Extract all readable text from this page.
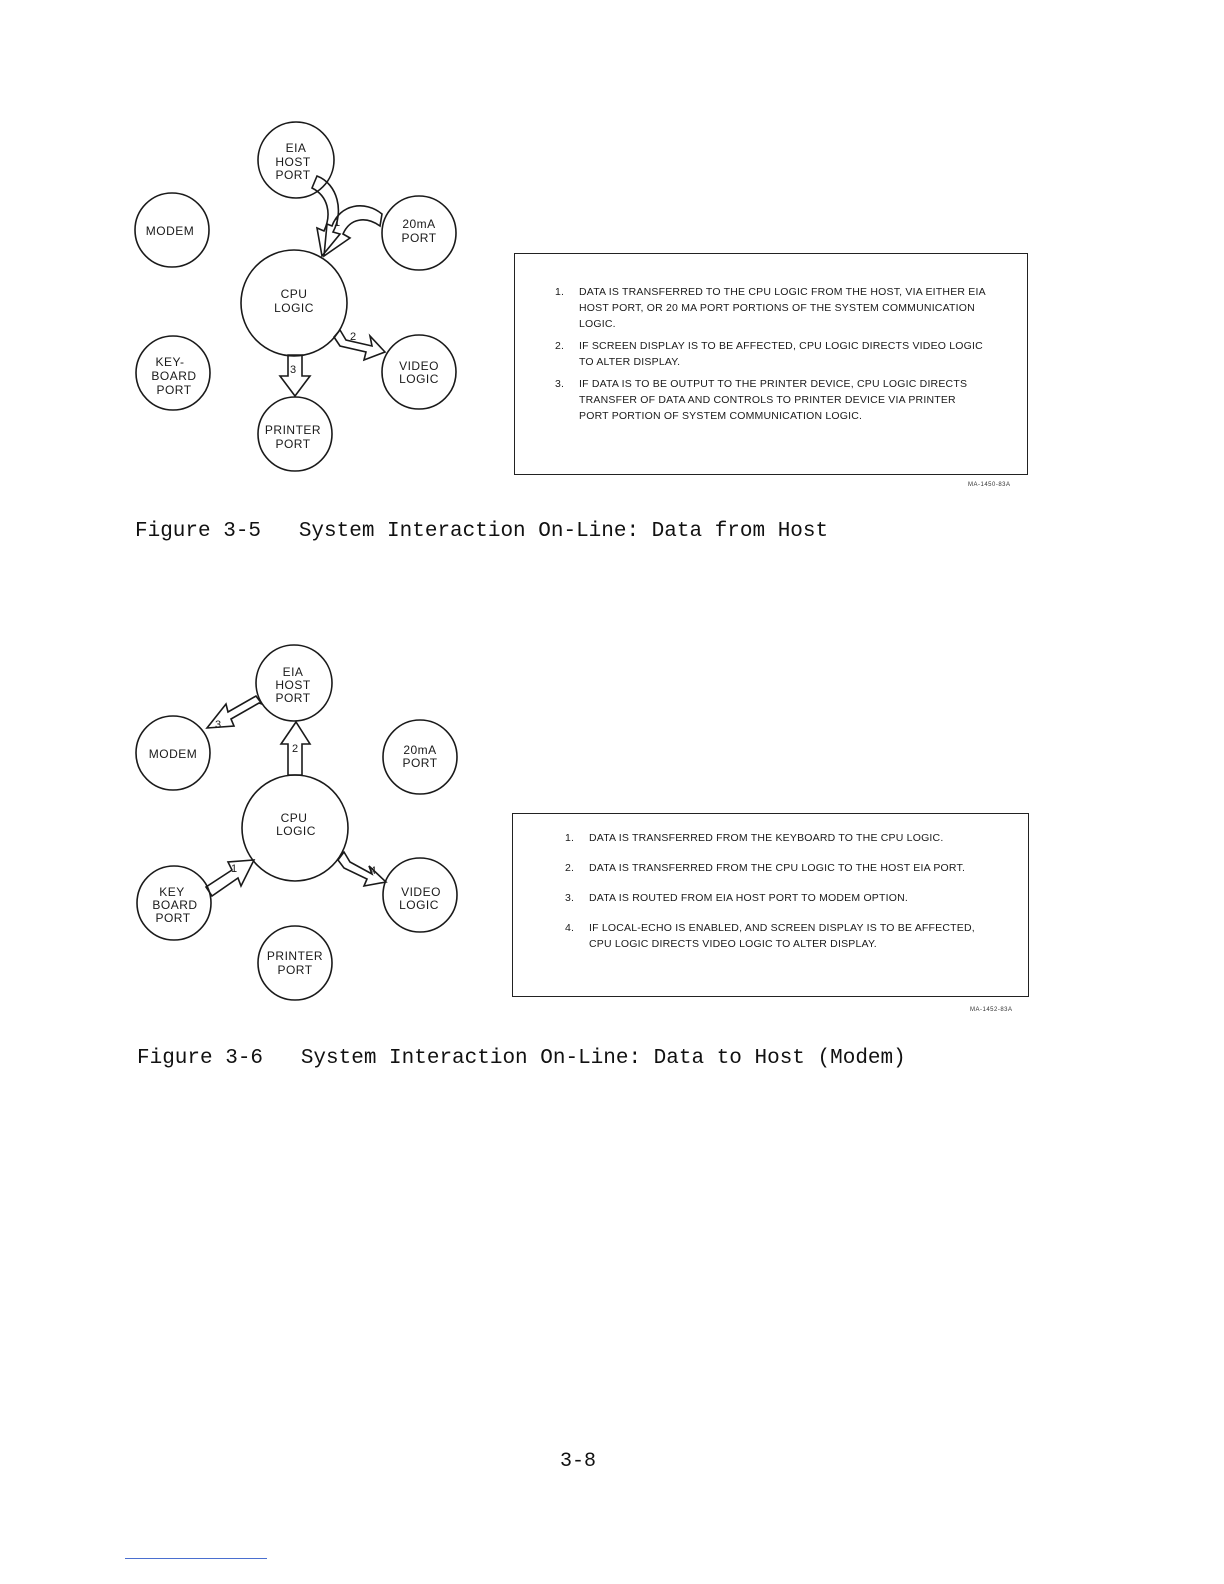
EIA
HOST
PORT
MODEM	20mA
PORT
CPU
LOGIC
KEY-
BOARD
PORT
VIDEO
LOGIC
PRINTER
PORT
1
2
3
1. DATA IS TRANSFERRED TO THE CPU LOGIC FROM THE HOST, VIA EITHER EIA HOST PORT, OR 20 MA PORT PORTIONS OF THE SYSTEM COMMUNICATION LOGIC.
2. IF SCREEN DISPLAY IS TO BE AFFECTED, CPU LOGIC DIRECTS VIDEO LOGIC TO ALTER DISPLAY.
3. IF DATA IS TO BE OUTPUT TO THE PRINTER DEVICE, CPU LOGIC DIRECTS TRANSFER OF DATA AND CONTROLS TO PRINTER DEVICE VIA PRINTER PORT PORTION OF SYSTEM COMMUNICATION LOGIC.
MA-1450-83A
Figure 3-5   System Interaction On-Line: Data from Host
EIA
HOST
PORT
MODEM	20mA
PORT
CPU
LOGIC
KEY
BOARD
PORT
VIDEO
LOGIC
PRINTER
PORT
1
2
3
4
1. DATA IS TRANSFERRED FROM THE KEYBOARD TO THE CPU LOGIC.
2. DATA IS TRANSFERRED FROM THE CPU LOGIC TO THE HOST EIA PORT.
3. DATA IS ROUTED FROM EIA HOST PORT TO MODEM OPTION.
4. IF LOCAL-ECHO IS ENABLED, AND SCREEN DISPLAY IS TO BE AFFECTED, CPU LOGIC DIRECTS VIDEO LOGIC TO ALTER DISPLAY.
MA-1452-83A
Figure 3-6   System Interaction On-Line: Data to Host (Modem)
3-8
